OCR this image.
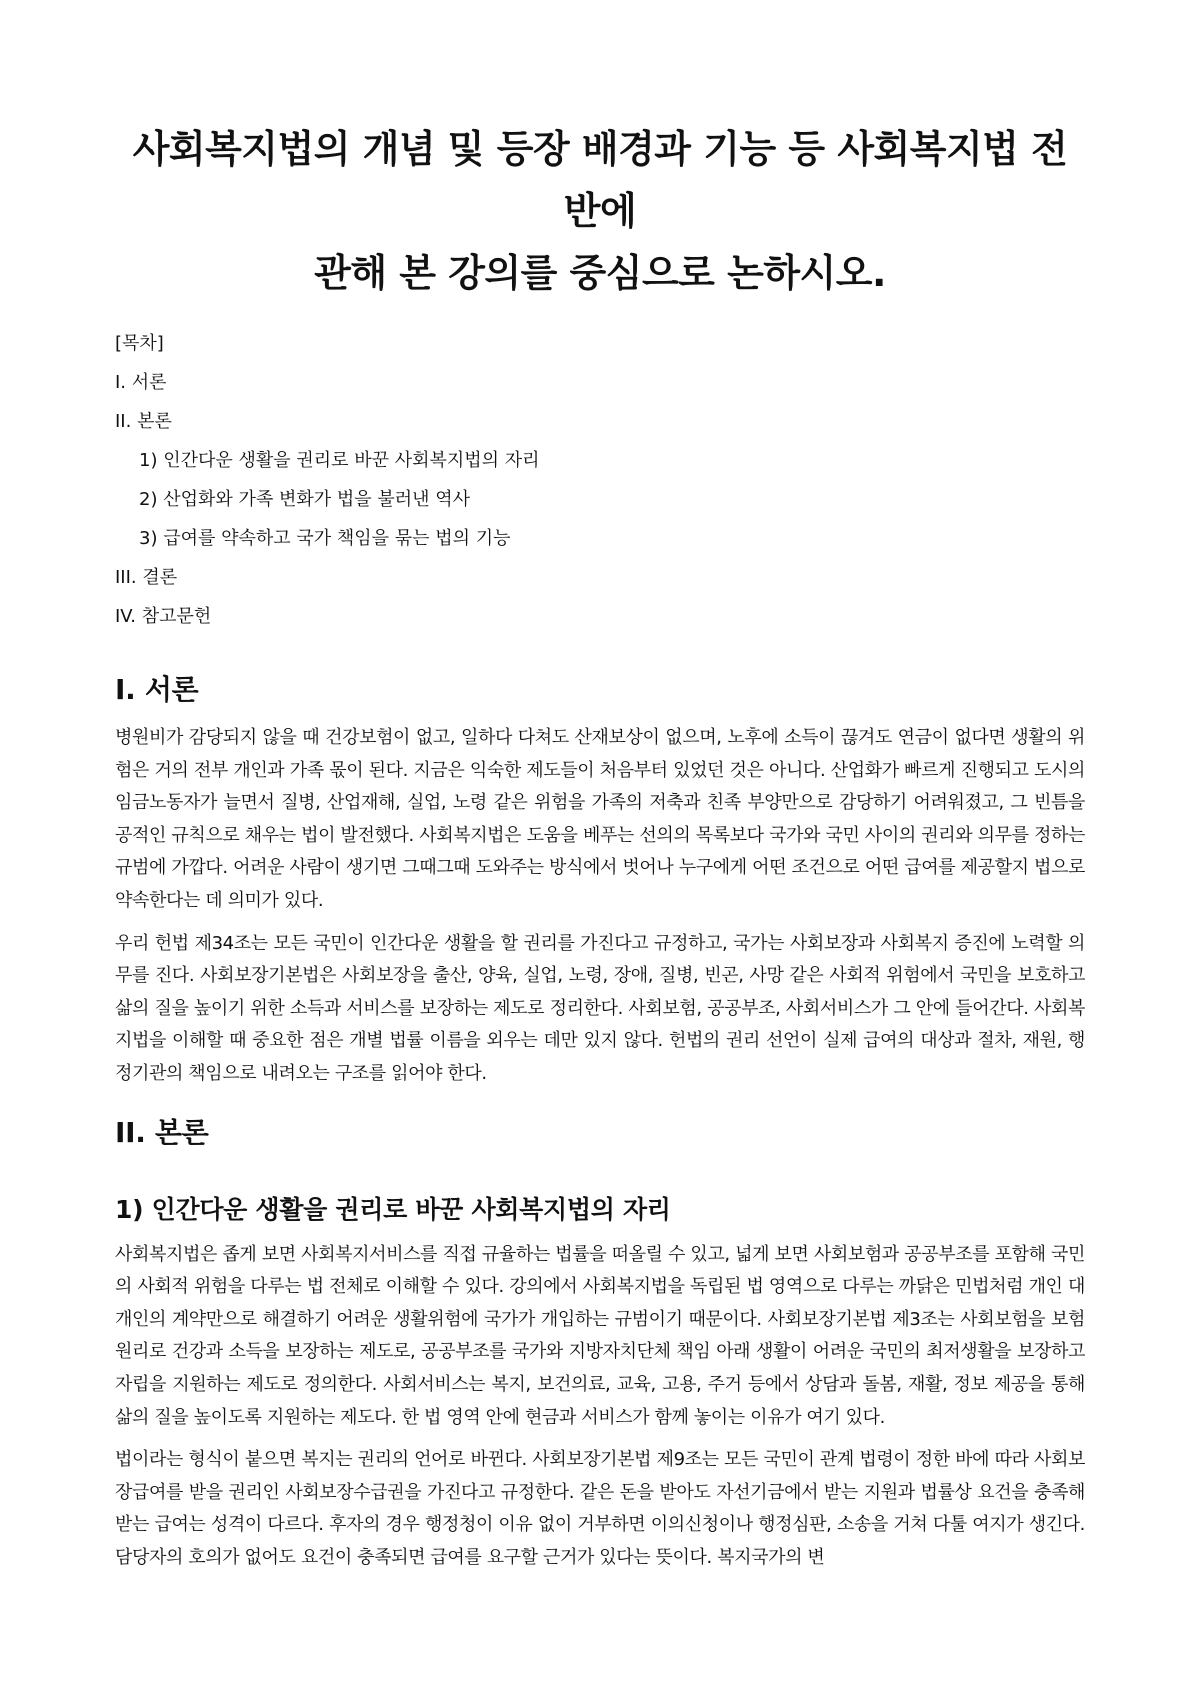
사회복지법의 개념 및 등장 배경과 기능 등 사회복지법 전반에
관해 본 강의를 중심으로 논하시오.
[목차]
I. 서론
II. 본론
1) 인간다운 생활을 권리로 바꾼 사회복지법의 자리
2) 산업화와 가족 변화가 법을 불러낸 역사
3) 급여를 약속하고 국가 책임을 묶는 법의 기능
III. 결론
IV. 참고문헌
I. 서론

병원비가 감당되지 않을 때 건강보험이 없고, 일하다 다쳐도 산재보상이 없으며, 노후에 소득이 끊겨도 연금이 없다면 생활의 위험은 거의 전부 개인과 가족 몫이 된다. 지금은 익숙한 제도들이 처음부터 있었던 것은 아니다. 산업화가 빠르게 진행되고 도시의 임금노동자가 늘면서 질병, 산업재해, 실업, 노령 같은 위험을 가족의 저축과 친족 부양만으로 감당하기 어려워졌고, 그 빈틈을 공적인 규칙으로 채우는 법이 발전했다. 사회복지법은 도움을 베푸는 선의의 목록보다 국가와 국민 사이의 권리와 의무를 정하는 규범에 가깝다. 어려운 사람이 생기면 그때그때 도와주는 방식에서 벗어나 누구에게 어떤 조건으로 어떤 급여를 제공할지 법으로 약속한다는 데 의미가 있다.

우리 헌법 제34조는 모든 국민이 인간다운 생활을 할 권리를 가진다고 규정하고, 국가는 사회보장과 사회복지 증진에 노력할 의무를 진다. 사회보장기본법은 사회보장을 출산, 양육, 실업, 노령, 장애, 질병, 빈곤, 사망 같은 사회적 위험에서 국민을 보호하고 삶의 질을 높이기 위한 소득과 서비스를 보장하는 제도로 정리한다. 사회보험, 공공부조, 사회서비스가 그 안에 들어간다. 사회복지법을 이해할 때 중요한 점은 개별 법률 이름을 외우는 데만 있지 않다. 헌법의 권리 선언이 실제 급여의 대상과 절차, 재원, 행정기관의 책임으로 내려오는 구조를 읽어야 한다.

II. 본론
1) 인간다운 생활을 권리로 바꾼 사회복지법의 자리

사회복지법은 좁게 보면 사회복지서비스를 직접 규율하는 법률을 떠올릴 수 있고, 넓게 보면 사회보험과 공공부조를 포함해 국민의 사회적 위험을 다루는 법 전체로 이해할 수 있다. 강의에서 사회복지법을 독립된 법 영역으로 다루는 까닭은 민법처럼 개인 대 개인의 계약만으로 해결하기 어려운 생활위험에 국가가 개입하는 규범이기 때문이다. 사회보장기본법 제3조는 사회보험을 보험 원리로 건강과 소득을 보장하는 제도로, 공공부조를 국가와 지방자치단체 책임 아래 생활이 어려운 국민의 최저생활을 보장하고 자립을 지원하는 제도로 정의한다. 사회서비스는 복지, 보건의료, 교육, 고용, 주거 등에서 상담과 돌봄, 재활, 정보 제공을 통해 삶의 질을 높이도록 지원하는 제도다. 한 법 영역 안에 현금과 서비스가 함께 놓이는 이유가 여기 있다.

법이라는 형식이 붙으면 복지는 권리의 언어로 바뀐다. 사회보장기본법 제9조는 모든 국민이 관계 법령이 정한 바에 따라 사회보장급여를 받을 권리인 사회보장수급권을 가진다고 규정한다. 같은 돈을 받아도 자선기금에서 받는 지원과 법률상 요건을 충족해 받는 급여는 성격이 다르다. 후자의 경우 행정청이 이유 없이 거부하면 이의신청이나 행정심판, 소송을 거쳐 다툴 여지가 생긴다. 담당자의 호의가 없어도 요건이 충족되면 급여를 요구할 근거가 있다는 뜻이다. 복지국가의 변
